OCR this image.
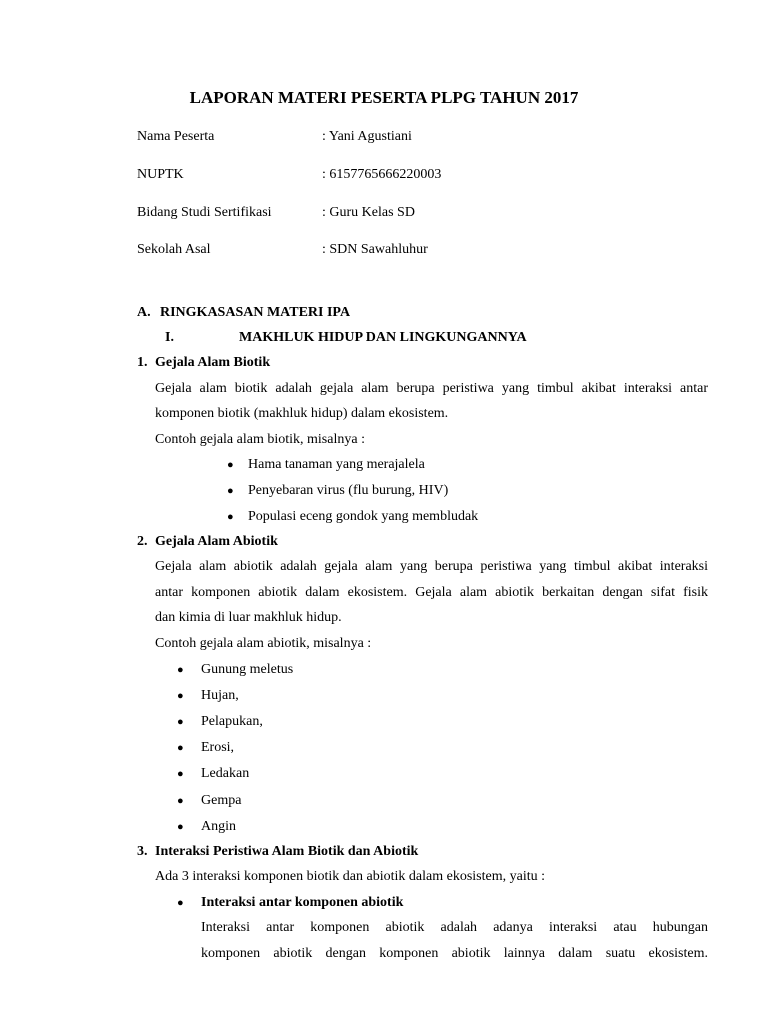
LAPORAN MATERI PESERTA PLPG TAHUN 2017
Nama Peserta	: Yani Agustiani
NUPTK	: 6157765666220003
Bidang Studi Sertifikasi	: Guru Kelas SD
Sekolah Asal	: SDN Sawahluhur
A. RINGKASASAN MATERI IPA
I.	MAKHLUK HIDUP DAN LINGKUNGANNYA
1. Gejala Alam Biotik
Gejala alam biotik adalah gejala alam berupa peristiwa yang timbul akibat interaksi antar
komponen biotik (makhluk hidup) dalam ekosistem.
Contoh gejala alam biotik, misalnya :
● Hama tanaman yang merajalela
● Penyebaran virus (flu burung, HIV)
● Populasi eceng gondok yang membludak
2. Gejala Alam Abiotik
Gejala alam abiotik adalah gejala alam yang berupa peristiwa yang timbul akibat interaksi
antar komponen abiotik dalam ekosistem. Gejala alam abiotik berkaitan dengan sifat fisik
dan kimia di luar makhluk hidup.
Contoh gejala alam abiotik, misalnya :
● Gunung meletus
● Hujan,
● Pelapukan,
● Erosi,
● Ledakan
● Gempa
● Angin
3. Interaksi Peristiwa Alam Biotik dan Abiotik
Ada 3 interaksi komponen biotik dan abiotik dalam ekosistem, yaitu :
● Interaksi antar komponen abiotik
Interaksi antar komponen abiotik adalah adanya interaksi atau hubungan
komponen abiotik dengan komponen abiotik lainnya dalam suatu ekosistem.
